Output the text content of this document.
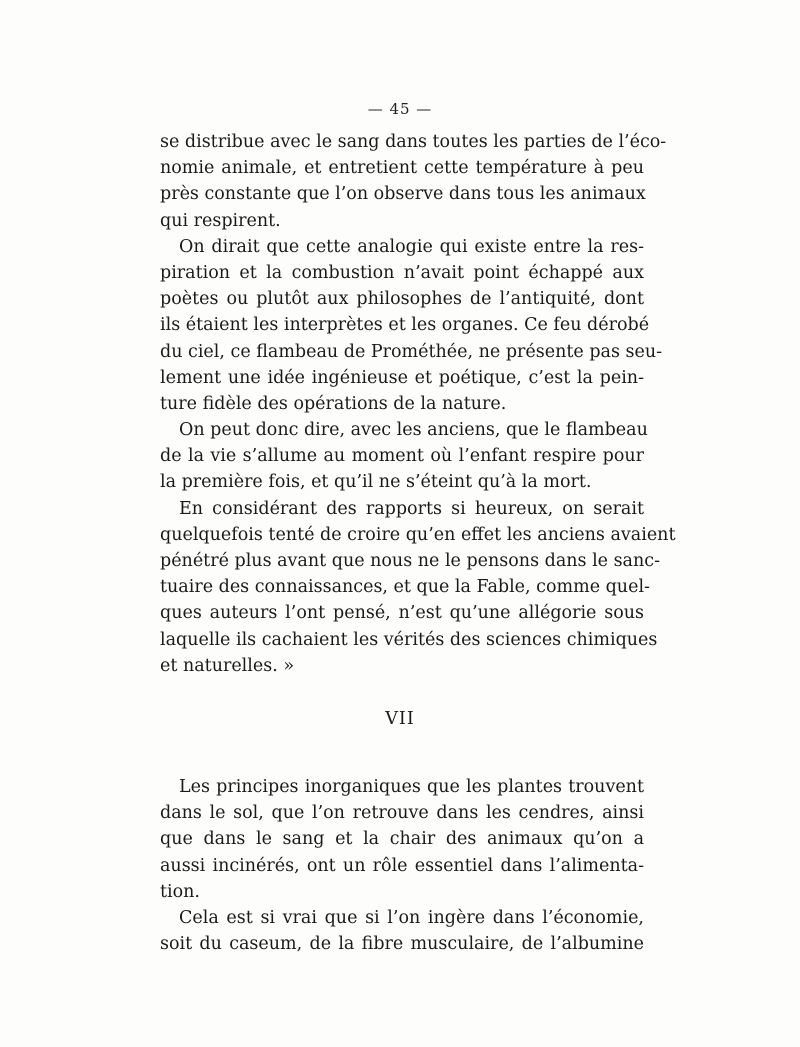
— 45 —
se distribue avec le sang dans toutes les parties de l’éco-
nomie animale, et entretient cette température à peu
près constante que l’on observe dans tous les animaux
qui respirent.
On dirait que cette analogie qui existe entre la res-
piration et la combustion n’avait point échappé aux
poètes ou plutôt aux philosophes de l’antiquité, dont
ils étaient les interprètes et les organes. Ce feu dérobé
du ciel, ce flambeau de Prométhée, ne présente pas seu-
lement une idée ingénieuse et poétique, c’est la pein-
ture fidèle des opérations de la nature.
On peut donc dire, avec les anciens, que le flambeau
de la vie s’allume au moment où l’enfant respire pour
la première fois, et qu’il ne s’éteint qu’à la mort.
En considérant des rapports si heureux, on serait
quelquefois tenté de croire qu’en effet les anciens avaient
pénétré plus avant que nous ne le pensons dans le sanc-
tuaire des connaissances, et que la Fable, comme quel-
ques auteurs l’ont pensé, n’est qu’une allégorie sous
laquelle ils cachaient les vérités des sciences chimiques
et naturelles. »
VII
Les principes inorganiques que les plantes trouvent
dans le sol, que l’on retrouve dans les cendres, ainsi
que dans le sang et la chair des animaux qu’on a
aussi incinérés, ont un rôle essentiel dans l’alimenta-
tion.
Cela est si vrai que si l’on ingère dans l’économie,
soit du caseum, de la fibre musculaire, de l’albumine
